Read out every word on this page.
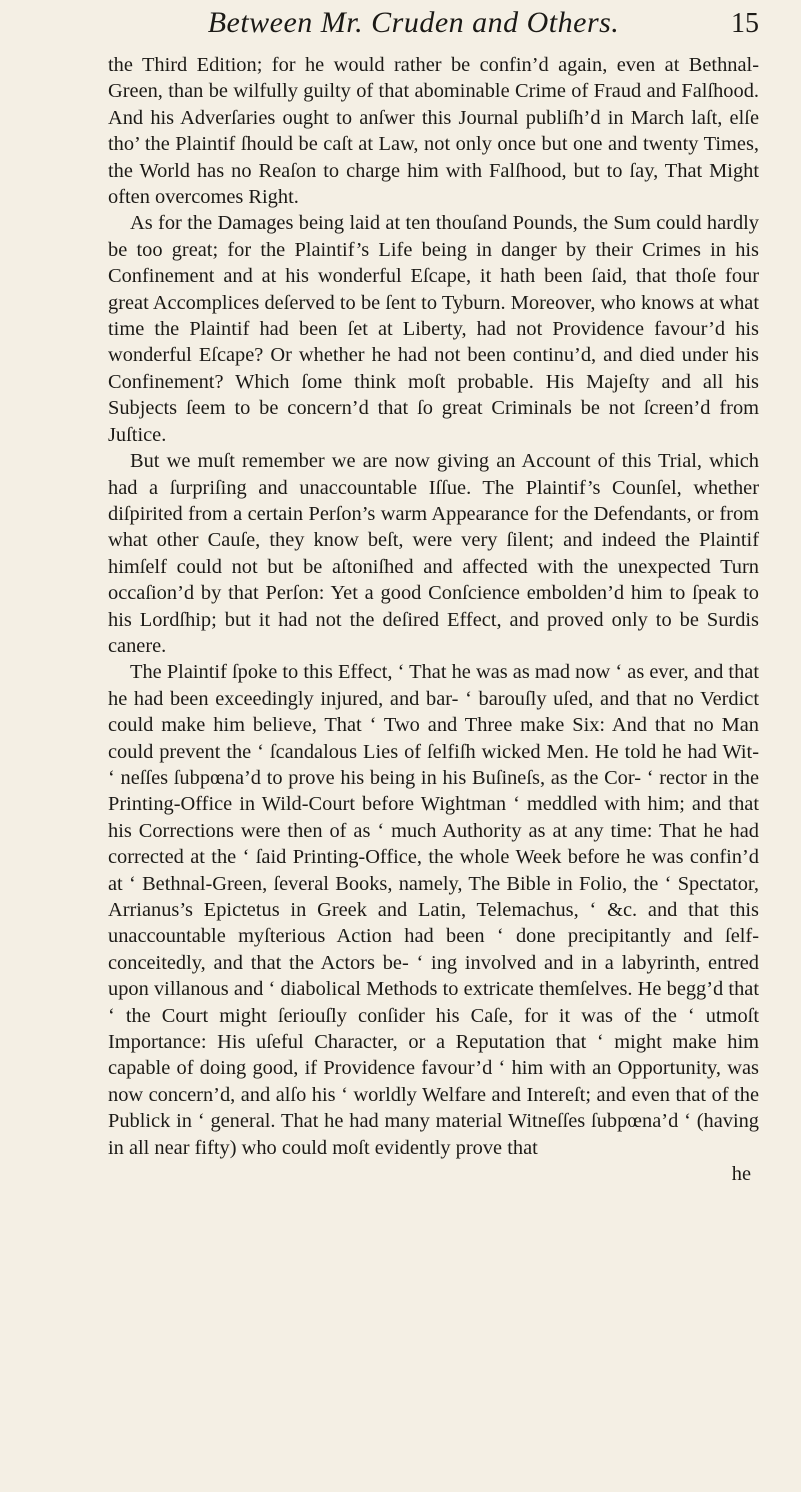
Between Mr. Cruden and Others.	15

the Third Edition; for he would rather be confin’d again, even at Bethnal-Green, than be wilfully guilty of that abominable Crime of Fraud and Falſhood. And his Adverſaries ought to anſwer this Journal publiſh’d in March laſt, elſe tho’ the Plaintif ſhould be caſt at Law, not only once but one and twenty Times, the World has no Reaſon to charge him with Falſhood, but to ſay, That Might often overcomes Right.

As for the Damages being laid at ten thouſand Pounds, the Sum could hardly be too great; for the Plaintif’s Life being in danger by their Crimes in his Confinement and at his wonderful Eſcape, it hath been ſaid, that thoſe four great Accomplices deſerved to be ſent to Tyburn. Moreover, who knows at what time the Plaintif had been ſet at Liberty, had not Providence favour’d his wonderful Eſcape? Or whether he had not been continu’d, and died under his Confinement? Which ſome think moſt probable. His Majeſty and all his Subjects ſeem to be concern’d that ſo great Criminals be not ſcreen’d from Juſtice.

But we muſt remember we are now giving an Account of this Trial, which had a ſurpriſing and unaccountable Iſſue. The Plaintif’s Counſel, whether diſpirited from a certain Perſon’s warm Appearance for the Defendants, or from what other Cauſe, they know beſt, were very ſilent; and indeed the Plaintif himſelf could not but be aſtoniſhed and affected with the unexpected Turn occaſion’d by that Perſon: Yet a good Conſcience embolden’d him to ſpeak to his Lordſhip; but it had not the deſired Effect, and proved only to be Surdis canere.

The Plaintif ſpoke to this Effect, ‘ That he was as mad now ‘ as ever, and that he had been exceedingly injured, and bar- ‘ barouſly uſed, and that no Verdict could make him believe, That ‘ Two and Three make Six: And that no Man could prevent the ‘ ſcandalous Lies of ſelfiſh wicked Men. He told he had Wit- ‘ neſſes ſubpœna’d to prove his being in his Buſineſs, as the Cor- ‘ rector in the Printing-Office in Wild-Court before Wightman ‘ meddled with him; and that his Corrections were then of as ‘ much Authority as at any time: That he had corrected at the ‘ ſaid Printing-Office, the whole Week before he was confin’d at ‘ Bethnal-Green, ſeveral Books, namely, The Bible in Folio, the ‘ Spectator, Arrianus’s Epictetus in Greek and Latin, Telemachus, ‘ &c. and that this unaccountable myſterious Action had been ‘ done precipitantly and ſelf-conceitedly, and that the Actors be- ‘ ing involved and in a labyrinth, entred upon villanous and ‘ diabolical Methods to extricate themſelves. He begg’d that ‘ the Court might ſeriouſly conſider his Caſe, for it was of the ‘ utmoſt Importance: His uſeful Character, or a Reputation that ‘ might make him capable of doing good, if Providence favour’d ‘ him with an Opportunity, was now concern’d, and alſo his ‘ worldly Welfare and Intereſt; and even that of the Publick in ‘ general. That he had many material Witneſſes ſubpœna’d ‘ (having in all near fifty) who could moſt evidently prove that

he
